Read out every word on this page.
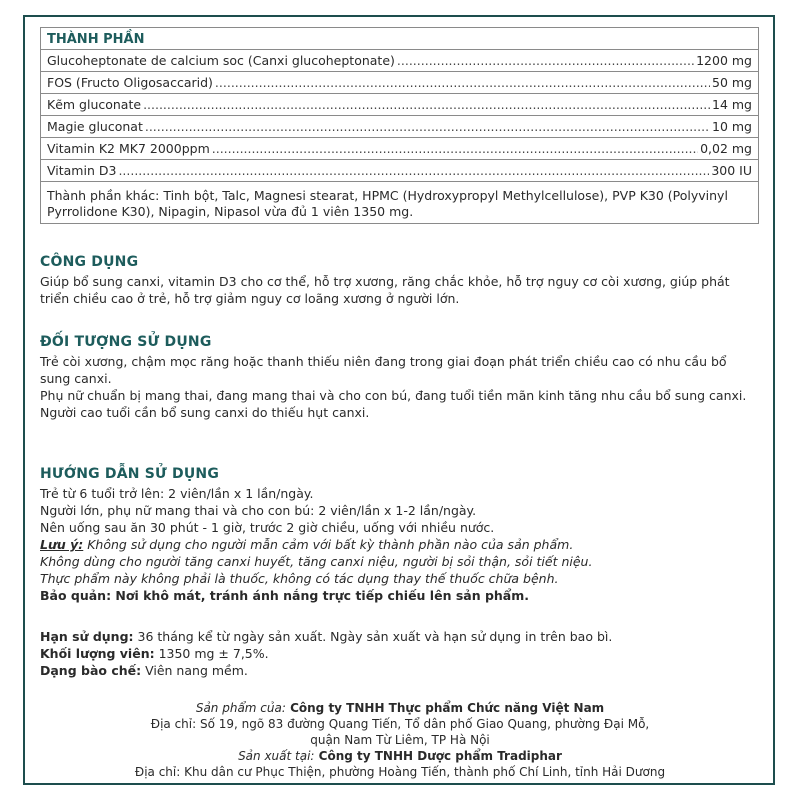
THÀNH PHẦN

Glucoheptonate de calcium soc (Canxi glucoheptonate) .....	1200 mg

FOS (Fructo Oligosaccarid) .....	50 mg

Kẽm gluconate .....	14 mg

Magie gluconat .....	10 mg

Vitamin K2 MK7 2000ppm .....	0,02 mg

Vitamin D3 .....	300 IU

Thành phần khác: Tinh bột, Talc, Magnesi stearat, HPMC (Hydroxypropyl Methylcellulose), PVP K30 (Polyvinyl Pyrrolidone K30), Nipagin, Nipasol vừa đủ 1 viên 1350 mg.
CÔNG DỤNG

Giúp bổ sung canxi, vitamin D3 cho cơ thể, hỗ trợ xương, răng chắc khỏe, hỗ trợ nguy cơ còi xương, giúp phát triển chiều cao ở trẻ, hỗ trợ giảm nguy cơ loãng xương ở người lớn.

ĐỐI TƯỢNG SỬ DỤNG

Trẻ còi xương, chậm mọc răng hoặc thanh thiếu niên đang trong giai đoạn phát triển chiều cao có nhu cầu bổ sung canxi.

Phụ nữ chuẩn bị mang thai, đang mang thai và cho con bú, đang tuổi tiền mãn kinh tăng nhu cầu bổ sung canxi.

Người cao tuổi cần bổ sung canxi do thiếu hụt canxi.

HƯỚNG DẪN SỬ DỤNG

Trẻ từ 6 tuổi trở lên: 2 viên/lần x 1 lần/ngày.

Người lớn, phụ nữ mang thai và cho con bú: 2 viên/lần x 1-2 lần/ngày.

Nên uống sau ăn 30 phút - 1 giờ, trước 2 giờ chiều, uống với nhiều nước.

Lưu ý: Không sử dụng cho người mẫn cảm với bất kỳ thành phần nào của sản phẩm.

Không dùng cho người tăng canxi huyết, tăng canxi niệu, người bị sỏi thận, sỏi tiết niệu.

Thực phẩm này không phải là thuốc, không có tác dụng thay thế thuốc chữa bệnh.

Bảo quản: Nơi khô mát, tránh ánh nắng trực tiếp chiếu lên sản phẩm.

Hạn sử dụng: 36 tháng kể từ ngày sản xuất. Ngày sản xuất và hạn sử dụng in trên bao bì.

Khối lượng viên: 1350 mg ± 7,5%.

Dạng bào chế: Viên nang mềm.

Sản phẩm của: Công ty TNHH Thực phẩm Chức năng Việt Nam
Địa chỉ: Số 19, ngõ 83 đường Quang Tiến, Tổ dân phố Giao Quang, phường Đại Mỗ,
quận Nam Từ Liêm, TP Hà Nội
Sản xuất tại: Công ty TNHH Dược phẩm Tradiphar
Địa chỉ: Khu dân cư Phục Thiện, phường Hoàng Tiến, thành phố Chí Linh, tỉnh Hải Dương
